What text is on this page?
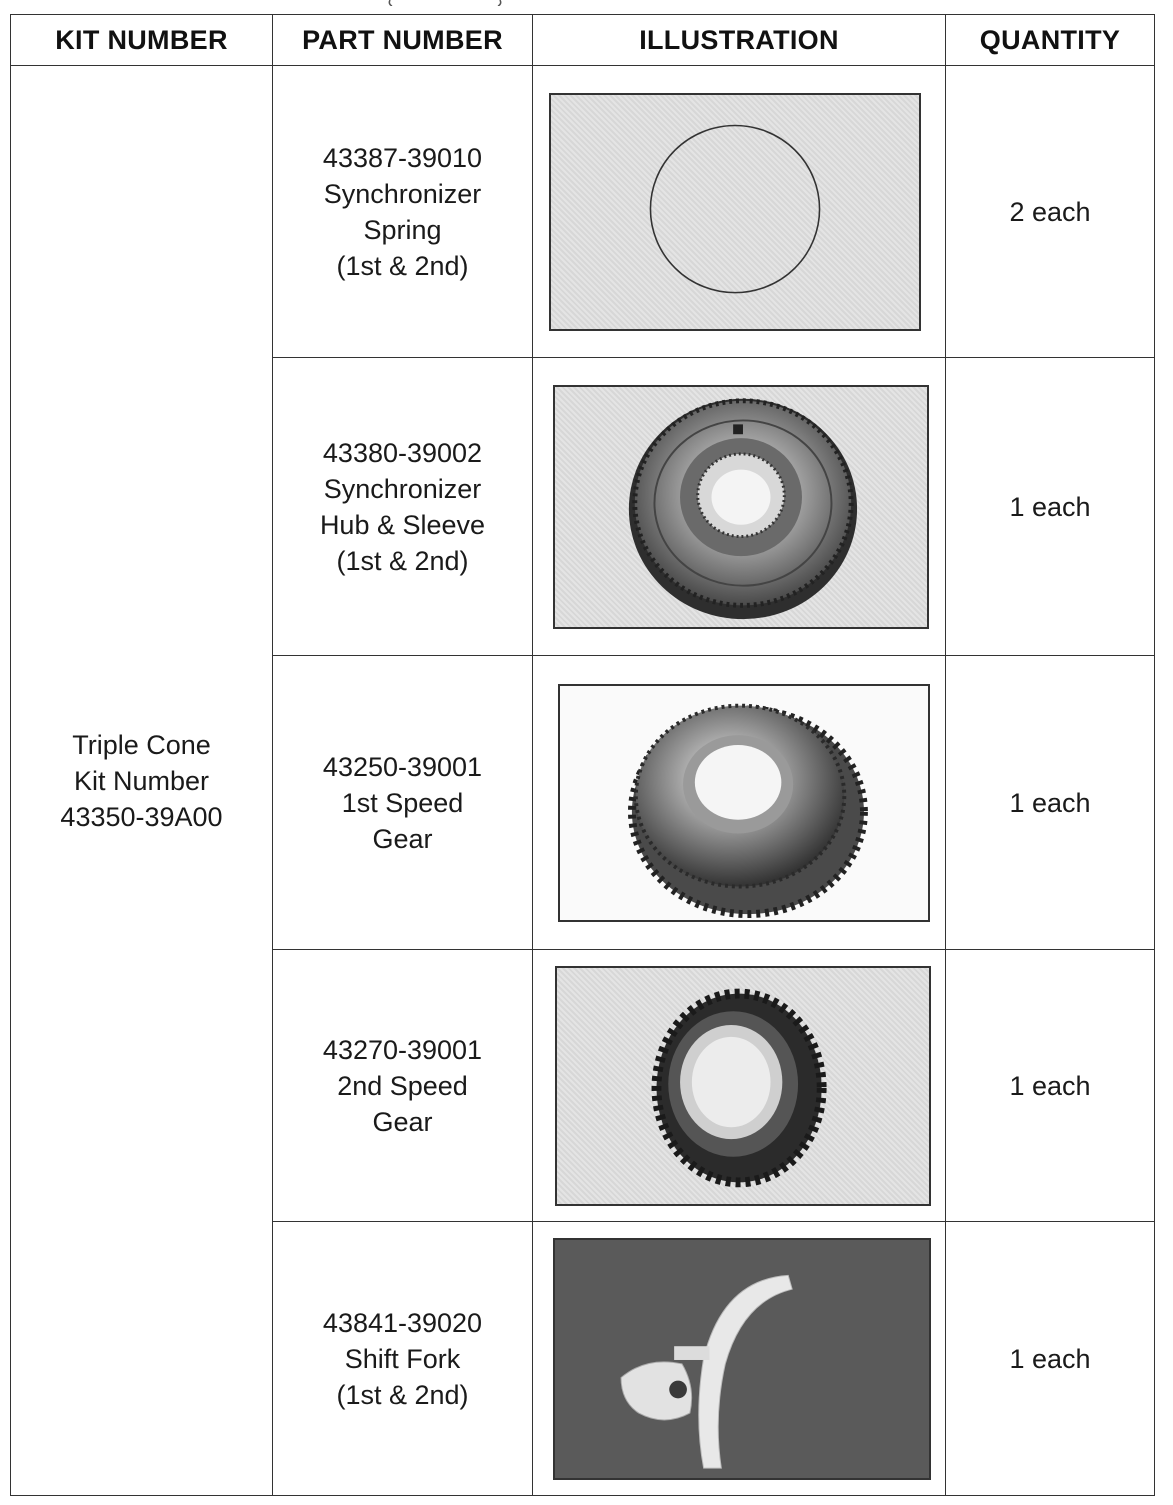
KIT NUMBER	PART NUMBER	ILLUSTRATION	QUANTITY
Triple Cone
Kit Number
43350-39A00	43387-39010
Synchronizer
Spring
(1st & 2nd)		2 each
	43380-39002
Synchronizer
Hub & Sleeve
(1st & 2nd)		1 each
	43250-39001
1st Speed
Gear		1 each
	43270-39001
2nd Speed
Gear		1 each
	43841-39020
Shift Fork
(1st & 2nd)		1 each
